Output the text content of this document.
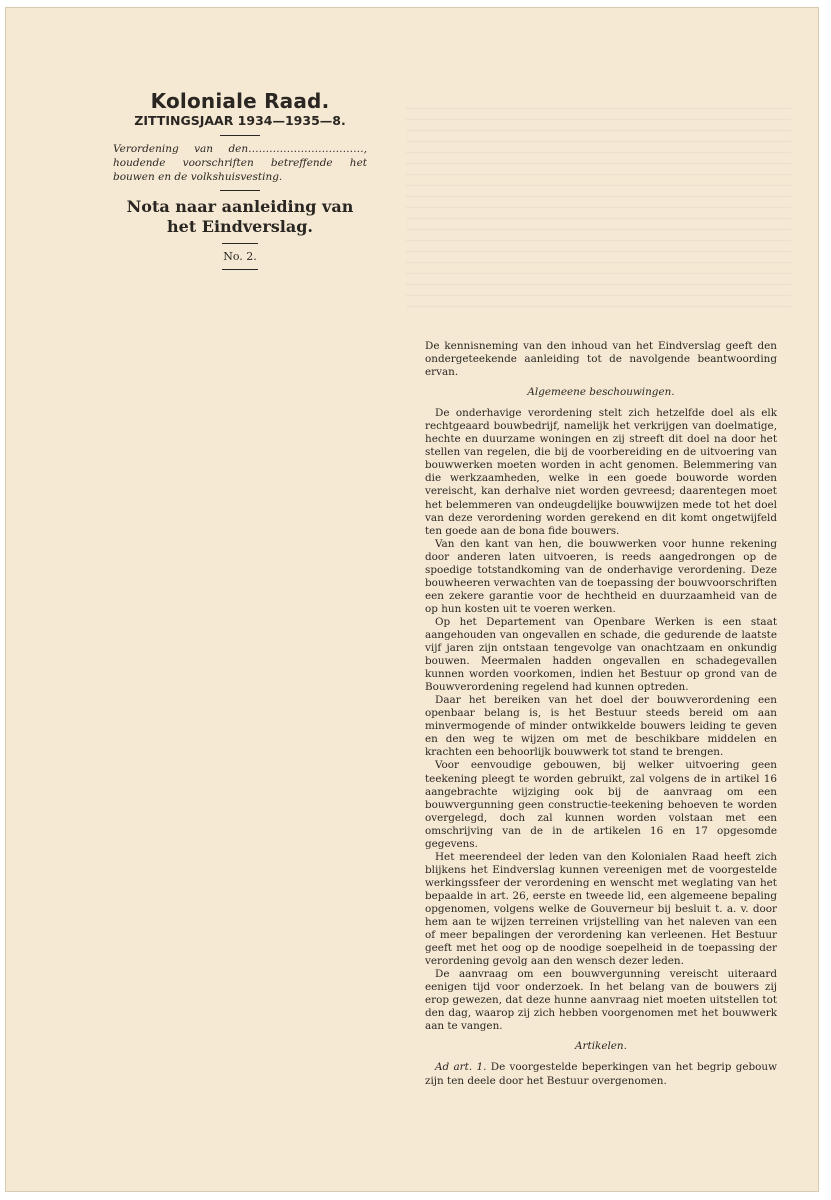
Koloniale Raad.
ZITTINGSJAAR 1934—1935—8.
Verordening van den……………………………, houdende voorschriften betreffende het bouwen en de volkshuisvesting.
Nota naar aanleiding van het Eindverslag.
No. 2.

De kennisneming van den inhoud van het Eindverslag geeft den ondergeteekende aanleiding tot de navolgende beantwoording ervan.

Algemeene beschouwingen.

De onderhavige verordening stelt zich hetzelfde doel als elk rechtgeaard bouwbedrijf, namelijk het verkrijgen van doelmatige, hechte en duurzame woningen en zij streeft dit doel na door het stellen van regelen, die bij de voorbereiding en de uitvoering van bouwwerken moeten worden in acht genomen. Belemmering van die werkzaamheden, welke in een goede bouworde worden vereischt, kan derhalve niet worden gevreesd; daarentegen moet het belemmeren van ondeugdelijke bouwwijzen mede tot het doel van deze verordening worden gerekend en dit komt ongetwijfeld ten goede aan de bona fide bouwers.

Van den kant van hen, die bouwwerken voor hunne rekening door anderen laten uitvoeren, is reeds aangedrongen op de spoedige totstandkoming van de onderhavige verordening. Deze bouwheeren verwachten van de toepassing der bouwvoorschriften een zekere garantie voor de hechtheid en duurzaamheid van de op hun kosten uit te voeren werken.

Op het Departement van Openbare Werken is een staat aangehouden van ongevallen en schade, die gedurende de laatste vijf jaren zijn ontstaan tengevolge van onachtzaam en onkundig bouwen. Meermalen hadden ongevallen en schadegevallen kunnen worden voorkomen, indien het Bestuur op grond van de Bouwverordening regelend had kunnen optreden.

Daar het bereiken van het doel der bouwverordening een openbaar belang is, is het Bestuur steeds bereid om aan minvermogende of minder ontwikkelde bouwers leiding te geven en den weg te wijzen om met de beschikbare middelen en krachten een behoorlijk bouwwerk tot stand te brengen.

Voor eenvoudige gebouwen, bij welker uitvoering geen teekening pleegt te worden gebruikt, zal volgens de in artikel 16 aangebrachte wijziging ook bij de aanvraag om een bouwvergunning geen constructie-teekening behoeven te worden overgelegd, doch zal kunnen worden volstaan met een omschrijving van de in de artikelen 16 en 17 opgesomde gegevens.

Het meerendeel der leden van den Kolonialen Raad heeft zich blijkens het Eindverslag kunnen vereenigen met de voorgestelde werkingssfeer der verordening en wenscht met weglating van het bepaalde in art. 26, eerste en tweede lid, een algemeene bepaling opgenomen, volgens welke de Gouverneur bij besluit t. a. v. door hem aan te wijzen terreinen vrijstelling van het naleven van een of meer bepalingen der verordening kan verleenen. Het Bestuur geeft met het oog op de noodige soepelheid in de toepassing der verordening gevolg aan den wensch dezer leden.

De aanvraag om een bouwvergunning vereischt uiteraard eenigen tijd voor onderzoek. In het belang van de bouwers zij erop gewezen, dat deze hunne aanvraag niet moeten uitstellen tot den dag, waarop zij zich hebben voorgenomen met het bouwwerk aan te vangen.

Artikelen.

Ad art. 1. De voorgestelde beperkingen van het begrip gebouw zijn ten deele door het Bestuur overgenomen.
